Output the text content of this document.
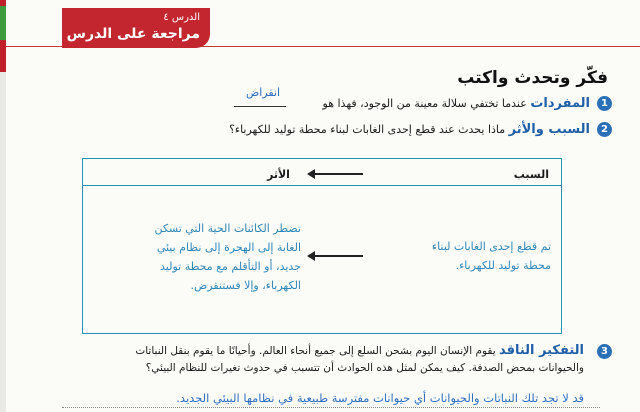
الدرس ٤
مراجعة على الدرس
فكّر وتحدث واكتب
1
المفردات عندما تختفي سلالة معينة من الوجود، فهذا هو
انقراض
2
السبب والأثر ماذا يحدث عند قطع إحدى الغابات لبناء محطة توليد للكهرباء؟
السبب
الأثر
تم قطع إحدى الغابات لبناء
محطة توليد للكهرباء.
تضطر الكائنات الحية التي تسكن
الغابة إلى الهجرة إلى نظام بيئي
جديد، أو التأقلم مع محطة توليد
الكهرباء، وإلا فستنقرض.
3
التفكير الناقد يقوم الإنسان اليوم بشحن السلع إلى جميع أنحاء العالم. وأحيانًا ما يقوم بنقل النباتات
والحيوانات بمحض الصدفة. كيف يمكن لمثل هذه الحوادث أن تتسبب في حدوث تغيرات للنظام البيئي؟
قد لا تجد تلك النباتات والحيوانات أي حيوانات مفترسة طبيعية في نظامها البيئي الجديد.
